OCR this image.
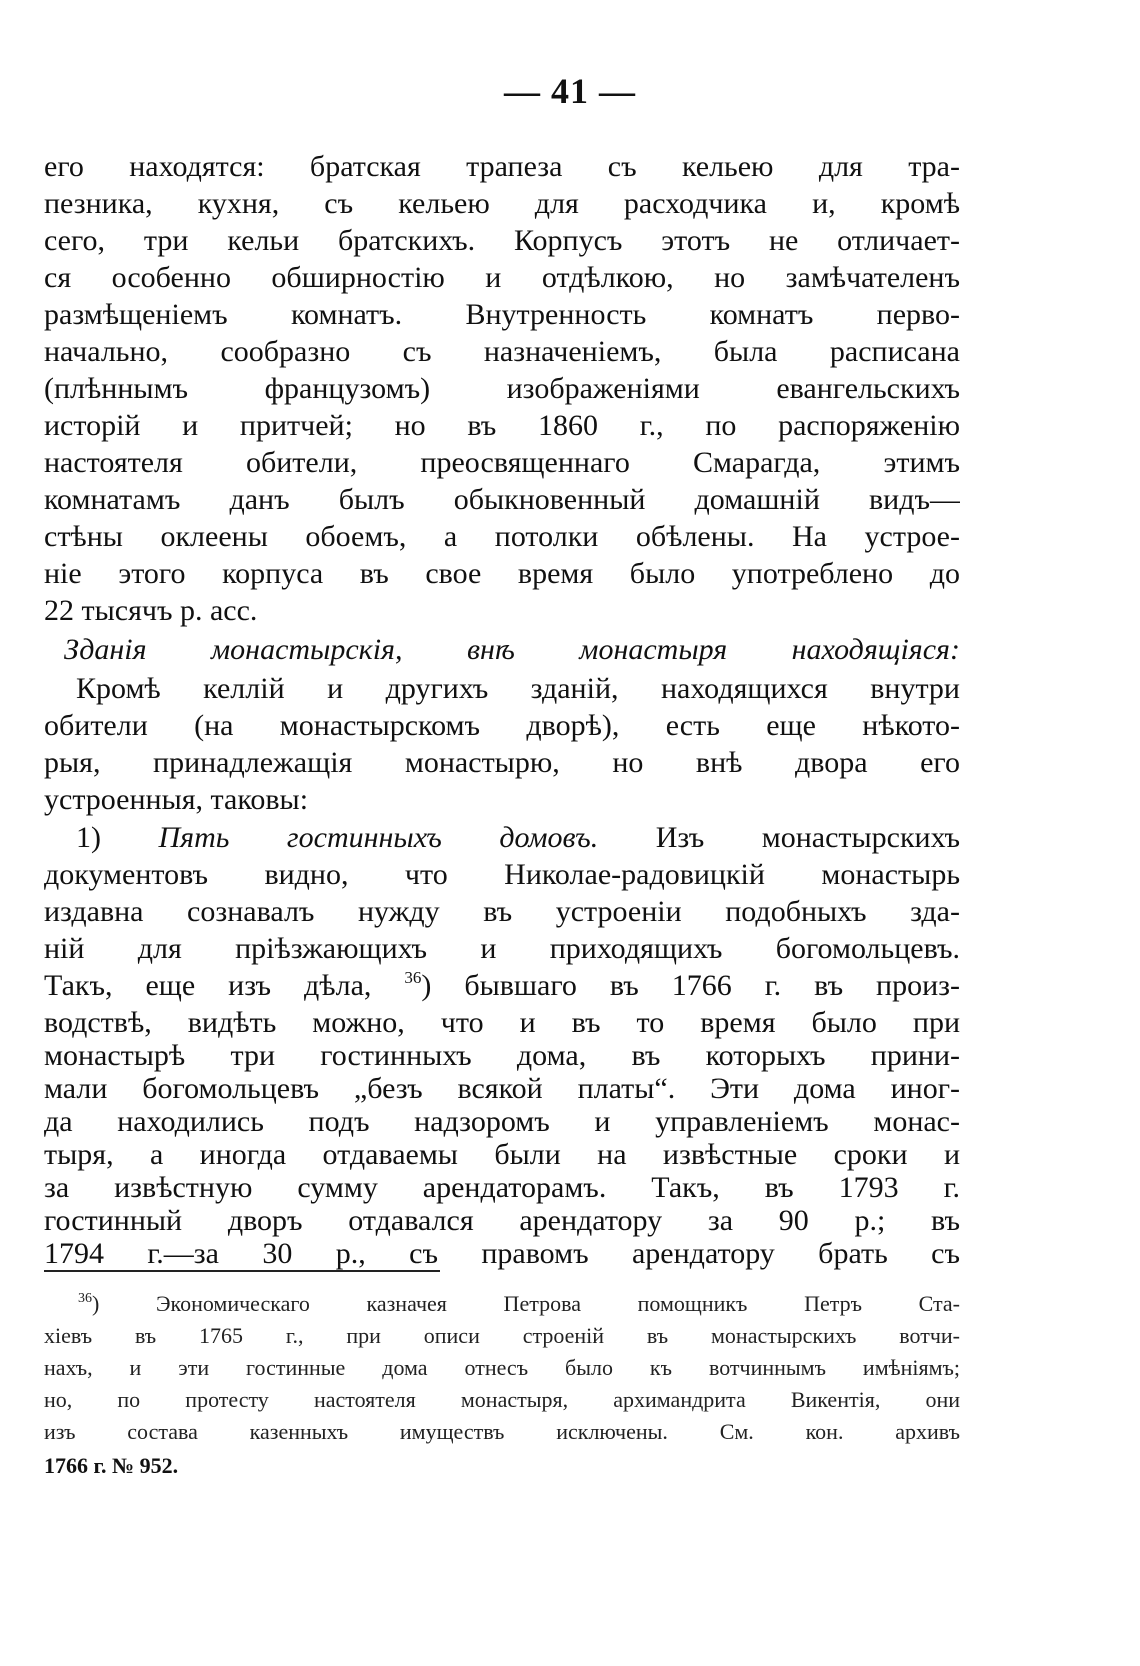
— 41 —
его находятся: братская трапеза съ кельею для тра-
пезника, кухня, съ кельею для расходчика и, кромѣ
сего, три кельи братскихъ. Корпусъ этотъ не отличает-
ся особенно обширностію и отдѣлкою, но замѣчателенъ
размѣщеніемъ комнатъ. Внутренность комнатъ перво-
начально, сообразно съ назначеніемъ, была расписана
(плѣннымъ французомъ) изображеніями евангельскихъ
исторій и притчей; но въ 1860 г., по распоряженію
настоятеля обители, преосвященнаго Смарагда, этимъ
комнатамъ данъ былъ обыкновенный домашній видъ—
стѣны оклеены обоемъ, а потолки обѣлены. На устрое-
ніе этого корпуса въ свое время было употреблено до
22 тысячъ р. асс.
Зданія монастырскія, внѣ монастыря находящіяся:
Кромѣ келлій и другихъ зданій, находящихся внутри
обители (на монастырскомъ дворѣ), есть еще нѣкото-
рыя, принадлежащія монастырю, но внѣ двора его
устроенныя, таковы:
1) Пять гостинныхъ домовъ. Изъ монастырскихъ
документовъ видно, что Николае-радовицкій монастырь
издавна сознавалъ нужду въ устроеніи подобныхъ зда-
ній для пріѣзжающихъ и приходящихъ богомольцевъ.
Такъ, еще изъ дѣла, $^{36}$) бывшаго въ 1766 г. въ произ-
водствѣ, видѣть можно, что и въ то время было при
монастырѣ три гостинныхъ дома, въ которыхъ прини-
мали богомольцевъ „безъ всякой платы“. Эти дома иног-
да находились подъ надзоромъ и управленіемъ монас-
тыря, а иногда отдаваемы были на извѣстные сроки и
за извѣстную сумму арендаторамъ. Такъ, въ 1793 г.
гостинный дворъ отдавался арендатору за 90 р.; въ
$^{36}$) Экономическаго казначея Петрова помощникъ Петръ Ста-
хіевъ въ 1765 г., при описи строеній въ монастырскихъ вотчи-
нахъ, и эти гостинные дома отнесъ было къ вотчиннымъ имѣніямъ;
но, по протесту настоятеля монастыря, архимандрита Викентія, они
изъ состава казенныхъ имуществъ исключены. См. кон. архивъ
1766 г. № 952.
1794 г.—за 30 р., съ правомъ арендатору брать съ
